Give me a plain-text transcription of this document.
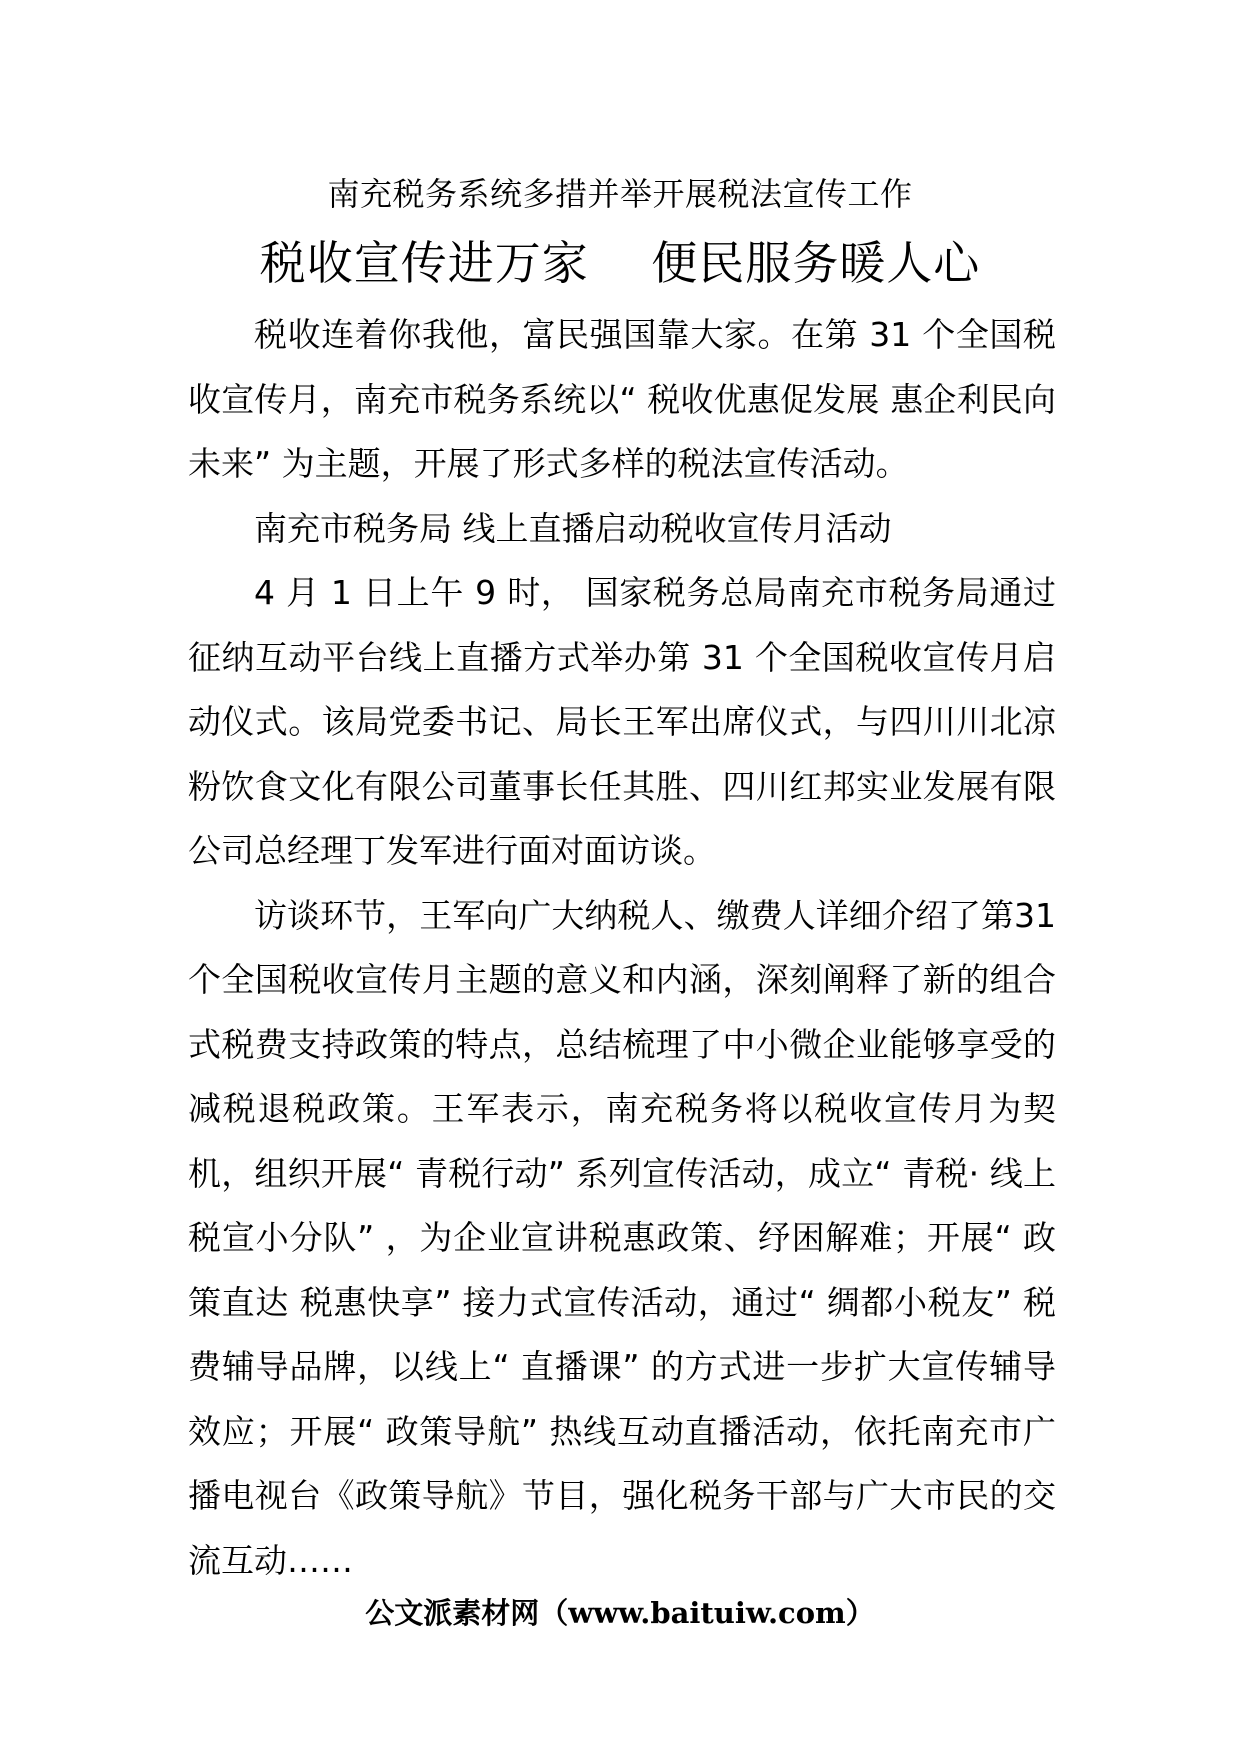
南充税务系统多措并举开展税法宣传工作
税收宣传进万家    便民服务暖人心

税收连着你我他，富民强国靠大家。在第 31 个全国税收宣传月，南充市税务系统以“ 税收优惠促发展 惠企利民向未来” 为主题，开展了形式多样的税法宣传活动。

南充市税务局 线上直播启动税收宣传月活动

4 月 1 日上午 9 时， 国家税务总局南充市税务局通过征纳互动平台线上直播方式举办第 31 个全国税收宣传月启动仪式。该局党委书记、局长王军出席仪式，与四川川北凉粉饮食文化有限公司董事长任其胜、四川红邦实业发展有限公司总经理丁发军进行面对面访谈。

访谈环节，王军向广大纳税人、缴费人详细介绍了第31 个全国税收宣传月主题的意义和内涵，深刻阐释了新的组合式税费支持政策的特点，总结梳理了中小微企业能够享受的减税退税政策。王军表示，南充税务将以税收宣传月为契机，组织开展“ 青税行动” 系列宣传活动，成立“ 青税· 线上税宣小分队” ，为企业宣讲税惠政策、纾困解难；开展“ 政策直达 税惠快享” 接力式宣传活动，通过“ 绸都小税友” 税费辅导品牌，以线上“ 直播课” 的方式进一步扩大宣传辅导效应；开展“ 政策导航” 热线互动直播活动，依托南充市广播电视台《政策导航》节目，强化税务干部与广大市民的交流互动……

公文派素材网（www.baituiw.com）
